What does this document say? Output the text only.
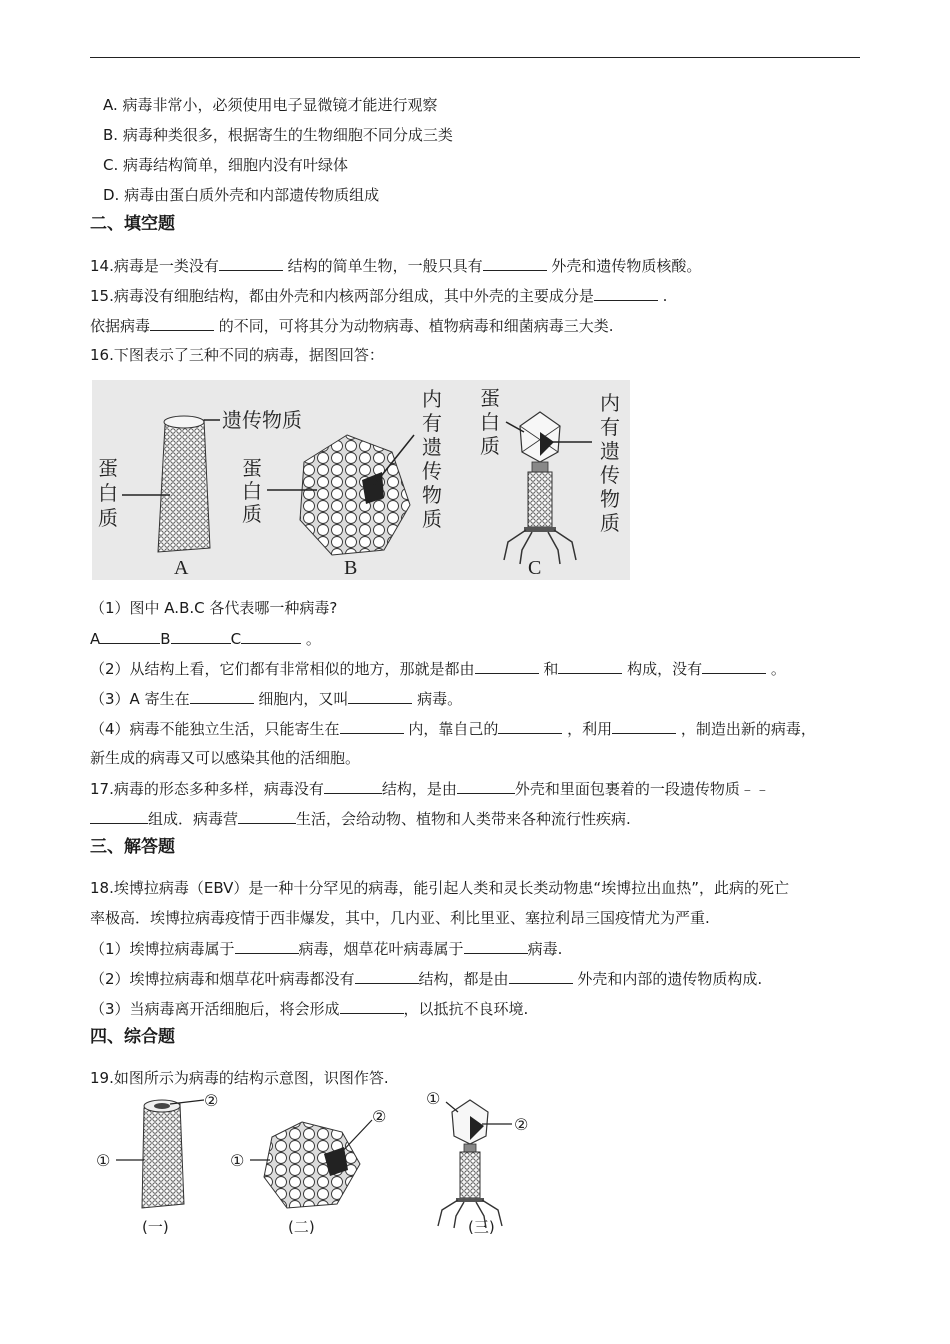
A. 病毒非常小，必须使用电子显微镜才能进行观察
B. 病毒种类很多，根据寄生的生物细胞不同分成三类
C. 病毒结构简单，细胞内没有叶绿体
D. 病毒由蛋白质外壳和内部遗传物质组成
二、填空题
14.病毒是一类没有	结构的简单生物，一般只具有	外壳和遗传物质核酸。
15.病毒没有细胞结构，都由外壳和内核两部分组成，其中外壳的主要成分是	.
依据病毒	的不同，可将其分为动物病毒、植物病毒和细菌病毒三大类.
16.下图表示了三种不同的病毒，据图回答：
遗传物质
蛋 白 质
A
蛋 白 质
内 有 遗 传 物 质
B
蛋 白 质
内 有 遗 传 物 质
C
（1）图中 A.B.C 各代表哪一种病毒?
A	B	C	。
（2）从结构上看，它们都有非常相似的地方，那就是都由	和	构成，没有	。
（3）A 寄生在	细胞内，又叫	病毒。
（4）病毒不能独立生活，只能寄生在	内，靠自己的	，利用	，制造出新的病毒，
新生成的病毒又可以感染其他的活细胞。
17.病毒的形态多种多样，病毒没有	结构，是由	外壳和里面包裹着的一段遗传物质﹣﹣
组成．病毒营	生活，会给动物、植物和人类带来各种流行性疾病.
三、解答题
18.埃博拉病毒（EBV）是一种十分罕见的病毒，能引起人类和灵长类动物患“埃博拉出血热”，此病的死亡
率极高．埃博拉病毒疫情于西非爆发，其中，几内亚、利比里亚、塞拉利昂三国疫情尤为严重.
（1）埃博拉病毒属于	病毒，烟草花叶病毒属于	病毒.
（2）埃博拉病毒和烟草花叶病毒都没有	结构，都是由	外壳和内部的遗传物质构成.
（3）当病毒离开活细胞后，将会形成	，以抵抗不良环境.
四、综合题
19.如图所示为病毒的结构示意图，识图作答.
②
①
(一)
②
①
(二)
①
②
(三)
